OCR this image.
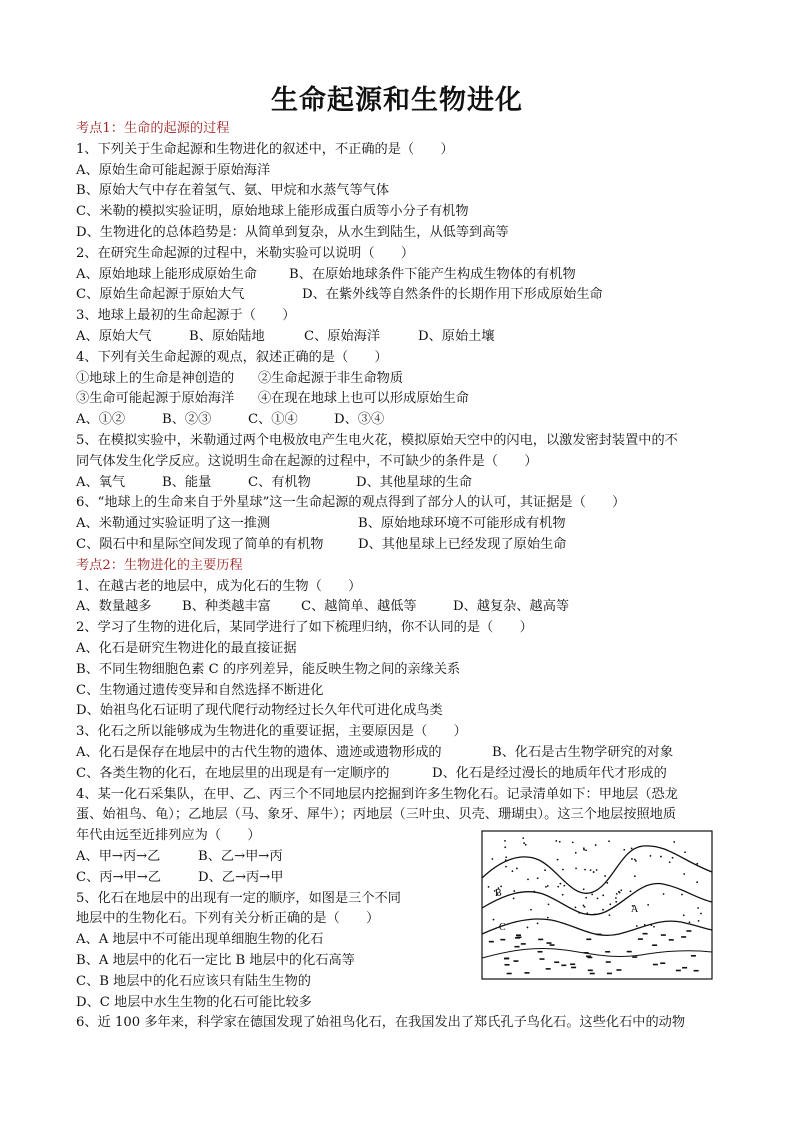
生命起源和生物进化
考点1：生命的起源的过程
1、下列关于生命起源和生物进化的叙述中，不正确的是（　　）
A、原始生命可能起源于原始海洋
B、原始大气中存在着氢气、氨、甲烷和水蒸气等气体
C、米勒的模拟实验证明，原始地球上能形成蛋白质等小分子有机物
D、生物进化的总体趋势是：从简单到复杂，从水生到陆生，从低等到高等
2、在研究生命起源的过程中，米勒实验可以说明（　　）
A、原始地球上能形成原始生命 B、在原始地球条件下能产生构成生物体的有机物
C、原始生命起源于原始大气	D、在紫外线等自然条件的长期作用下形成原始生命
3、地球上最初的生命起源于（　　）
A、原始大气	B、原始陆地	C、原始海洋	D、原始土壤
4、下列有关生命起源的观点，叙述正确的是（　　）
①地球上的生命是神创造的 ②生命起源于非生命物质
③生命可能起源于原始海洋 ④在现在地球上也可以形成原始生命
A、①②	B、②③	C、①④	D、③④
5、在模拟实验中，米勒通过两个电极放电产生电火花，模拟原始天空中的闪电，以激发密封装置中的不
同气体发生化学反应。这说明生命在起源的过程中，不可缺少的条件是（　　）
A、氧气	B、能量	C、有机物	D、其他星球的生命
6、“地球上的生命来自于外星球”这一生命起源的观点得到了部分人的认可，其证据是（　　）
A、米勒通过实验证明了这一推测	B、原始地球环境不可能形成有机物
C、陨石中和星际空间发现了简单的有机物	D、其他星球上已经发现了原始生命
考点2：生物进化的主要历程
1、在越古老的地层中，成为化石的生物（　　）
A、数量越多 B、种类越丰富 C、越简单、越低等	D、越复杂、越高等
2、学习了生物的进化后，某同学进行了如下梳理归纳，你不认同的是（　　）
A、化石是研究生物进化的最直接证据
B、不同生物细胞色素 C 的序列差异，能反映生物之间的亲缘关系
C、生物通过遗传变异和自然选择不断进化
D、始祖鸟化石证明了现代爬行动物经过长久年代可进化成鸟类
3、化石之所以能够成为生物进化的重要证据，主要原因是（　　）
A、化石是保存在地层中的古代生物的遗体、遗迹或遗物形成的	B、化石是古生物学研究的对象
C、各类生物的化石，在地层里的出现是有一定顺序的	D、化石是经过漫长的地质年代才形成的
4、某一化石采集队，在甲、乙、丙三个不同地层内挖掘到许多生物化石。记录清单如下：甲地层（恐龙
蛋、始祖鸟、龟）；乙地层（马、象牙、犀牛）；丙地层（三叶虫、贝壳、珊瑚虫）。这三个地层按照地质
年代由远至近排列应为（　　）
A、甲→丙→乙	B、乙→甲→丙
C、丙→甲→乙	D、乙→丙→甲
5、化石在地层中的出现有一定的顺序，如图是三个不同
地层中的生物化石。下列有关分析正确的是（　　）
A、A 地层中不可能出现单细胞生物的化石
B、A 地层中的化石一定比 B 地层中的化石高等
C、B 地层中的化石应该只有陆生生物的
D、C 地层中水生生物的化石可能比较多
6、近 100 多年来，科学家在德国发现了始祖鸟化石，在我国发出了郑氏孔子鸟化石。这些化石中的动物
A
B
C
